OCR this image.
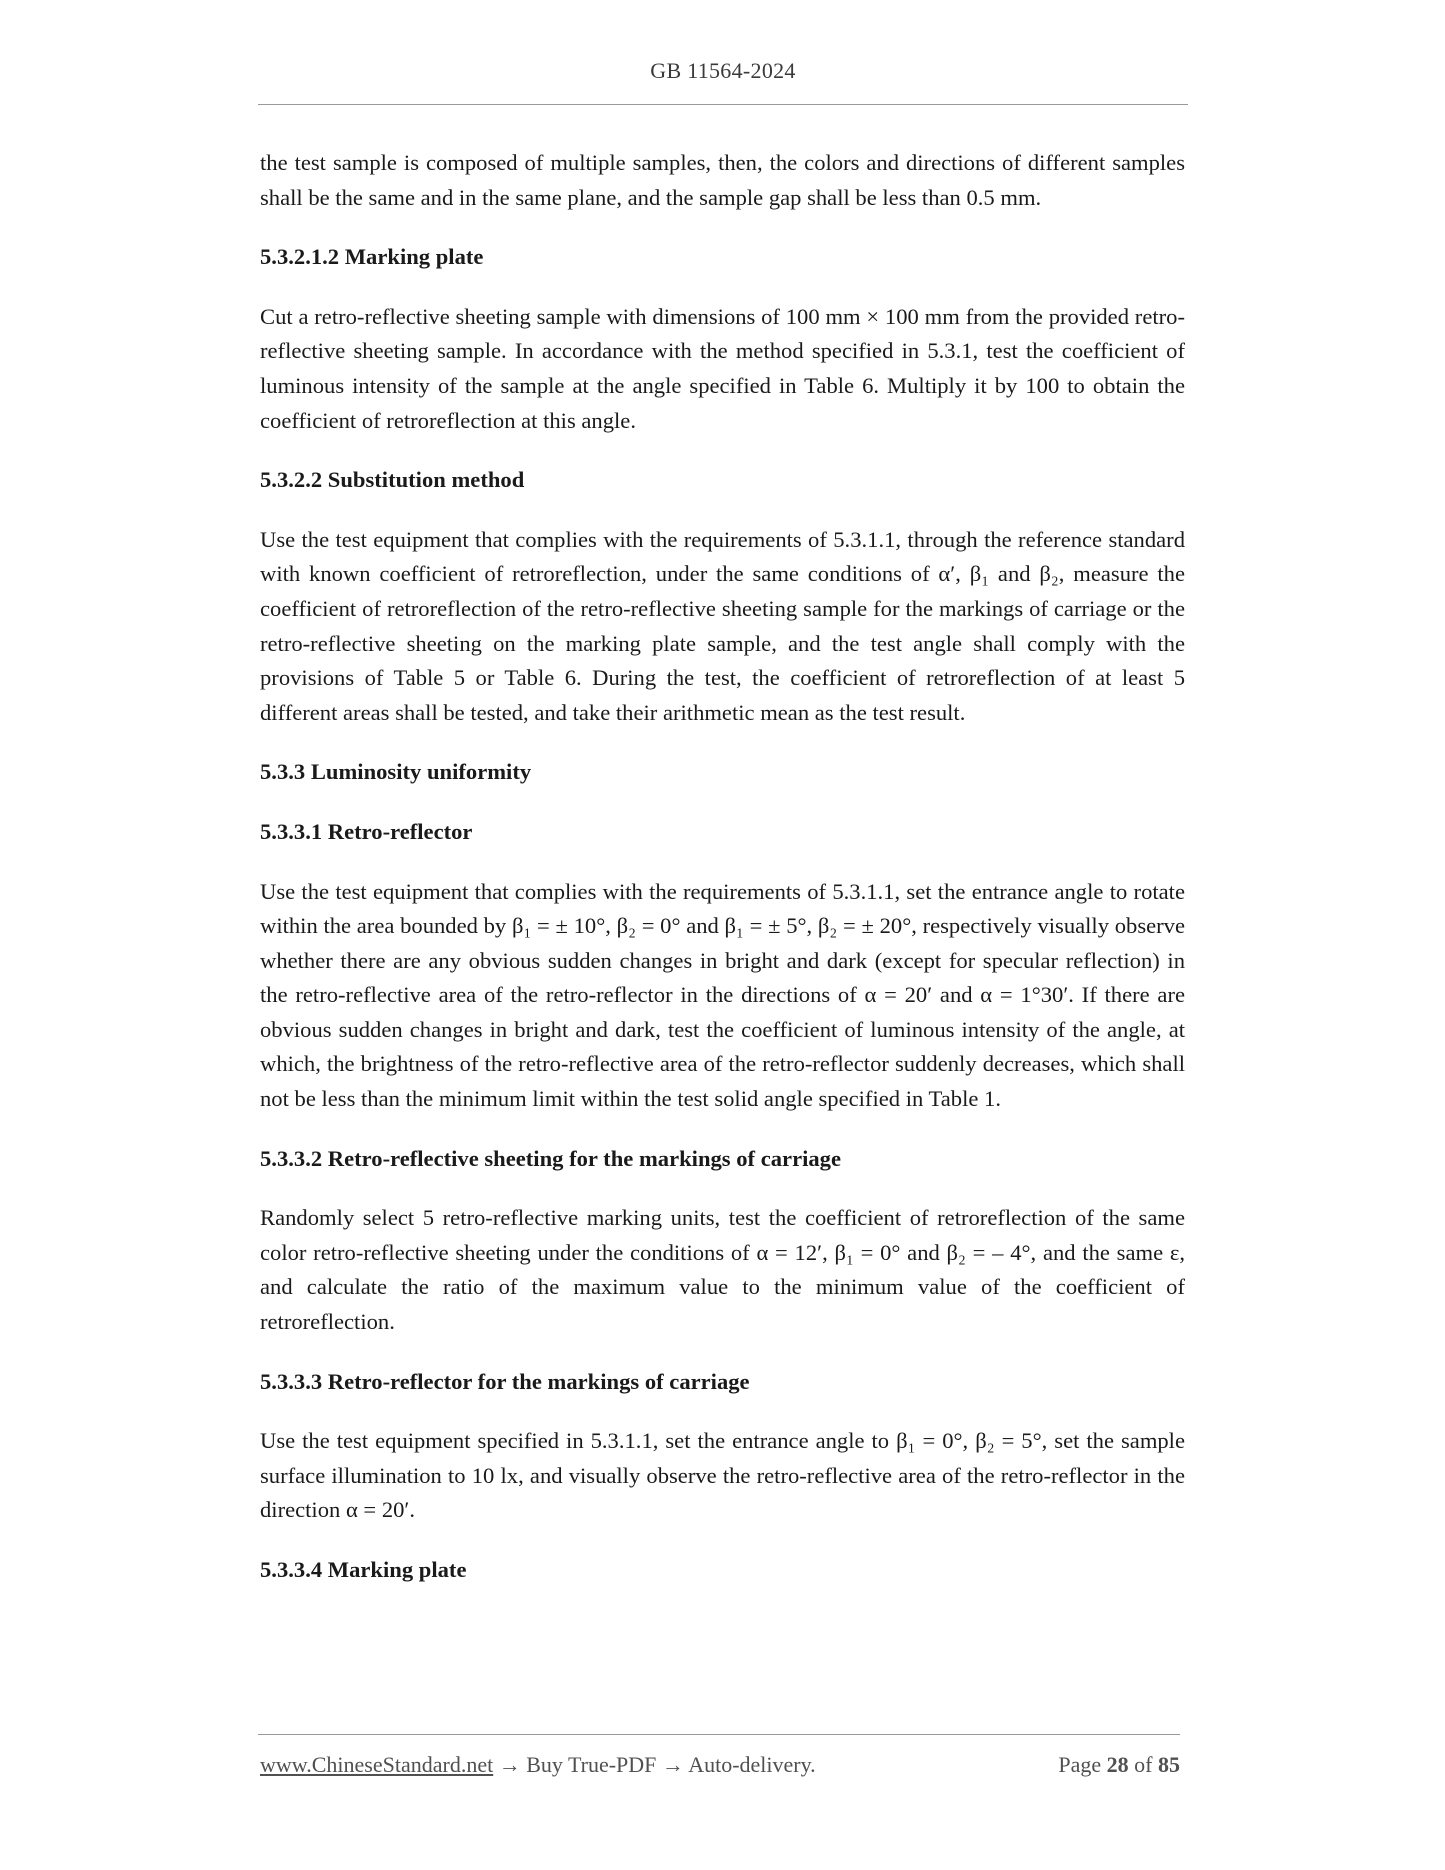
GB 11564-2024

the test sample is composed of multiple samples, then, the colors and directions of different samples shall be the same and in the same plane, and the sample gap shall be less than 0.5 mm.

5.3.2.1.2 Marking plate

Cut a retro-reflective sheeting sample with dimensions of 100 mm × 100 mm from the provided retro-reflective sheeting sample. In accordance with the method specified in 5.3.1, test the coefficient of luminous intensity of the sample at the angle specified in Table 6. Multiply it by 100 to obtain the coefficient of retroreflection at this angle.

5.3.2.2 Substitution method

Use the test equipment that complies with the requirements of 5.3.1.1, through the reference standard with known coefficient of retroreflection, under the same conditions of α′, β₁ and β₂, measure the coefficient of retroreflection of the retro-reflective sheeting sample for the markings of carriage or the retro-reflective sheeting on the marking plate sample, and the test angle shall comply with the provisions of Table 5 or Table 6. During the test, the coefficient of retroreflection of at least 5 different areas shall be tested, and take their arithmetic mean as the test result.

5.3.3 Luminosity uniformity
5.3.3.1 Retro-reflector

Use the test equipment that complies with the requirements of 5.3.1.1, set the entrance angle to rotate within the area bounded by β₁ = ± 10°, β₂ = 0° and β₁ = ± 5°, β₂ = ± 20°, respectively visually observe whether there are any obvious sudden changes in bright and dark (except for specular reflection) in the retro-reflective area of the retro-reflector in the directions of α = 20′ and α = 1°30′. If there are obvious sudden changes in bright and dark, test the coefficient of luminous intensity of the angle, at which, the brightness of the retro-reflective area of the retro-reflector suddenly decreases, which shall not be less than the minimum limit within the test solid angle specified in Table 1.

5.3.3.2 Retro-reflective sheeting for the markings of carriage

Randomly select 5 retro-reflective marking units, test the coefficient of retroreflection of the same color retro-reflective sheeting under the conditions of α = 12′, β₁ = 0° and β₂ = – 4°, and the same ε, and calculate the ratio of the maximum value to the minimum value of the coefficient of retroreflection.

5.3.3.3 Retro-reflector for the markings of carriage

Use the test equipment specified in 5.3.1.1, set the entrance angle to β₁ = 0°, β₂ = 5°, set the sample surface illumination to 10 lx, and visually observe the retro-reflective area of the retro-reflector in the direction α = 20′.

5.3.3.4 Marking plate
www.ChineseStandard.net → Buy True-PDF → Auto-delivery.	Page 28 of 85
